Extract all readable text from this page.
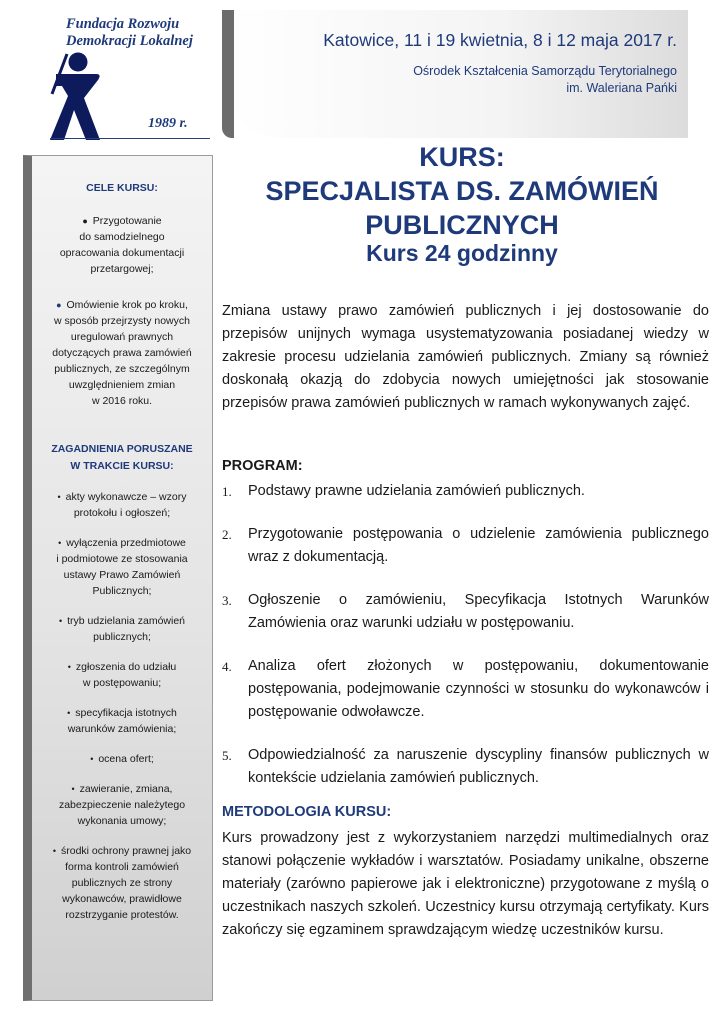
Fundacja Rozwoju
Demokracji Lokalnej
1989 r.
Katowice, 11 i 19 kwietnia, 8 i 12 maja 2017 r.
Ośrodek Kształcenia Samorządu Terytorialnego
im. Waleriana Pańki
CELE KURSU:
● Przygotowanie
do samodzielnego
opracowania dokumentacji
przetargowej;
● Omówienie krok po kroku,
w sposób przejrzysty nowych
uregulowań prawnych
dotyczących prawa zamówień
publicznych, ze szczególnym
uwzględnieniem zmian
w 2016 roku.
ZAGADNIENIA PORUSZANE
W TRAKCIE KURSU:
• akty wykonawcze – wzory
protokołu i ogłoszeń;
• wyłączenia przedmiotowe
i podmiotowe ze stosowania
ustawy Prawo Zamówień
Publicznych;
• tryb udzielania zamówień
publicznych;
• zgłoszenia do udziału
w postępowaniu;
• specyfikacja istotnych
warunków zamówienia;
• ocena ofert;
• zawieranie, zmiana,
zabezpieczenie należytego
wykonania umowy;
• środki ochrony prawnej jako
forma kontroli zamówień
publicznych ze strony
wykonawców, prawidłowe
rozstrzyganie protestów.
KURS:
SPECJALISTA DS. ZAMÓWIEŃ
PUBLICZNYCH
Kurs 24 godzinny

Zmiana ustawy prawo zamówień publicznych i jej dostosowanie do przepisów unijnych wymaga usystematyzowania posiadanej wiedzy w zakresie procesu udzielania zamówień publicznych. Zmiany są również doskonałą okazją do zdobycia nowych umiejętności jak stosowanie przepisów prawa zamówień publicznych w ramach wykonywanych zajęć.

PROGRAM:
1. Podstawy prawne udzielania zamówień publicznych.
2. Przygotowanie postępowania o udzielenie zamówienia publicznego wraz z dokumentacją.
3. Ogłoszenie o zamówieniu, Specyfikacja Istotnych Warunków Zamówienia oraz warunki udziału w postępowaniu.
4. Analiza ofert złożonych w postępowaniu, dokumentowanie postępowania, podejmowanie czynności w stosunku do wykonawców i postępowanie odwoławcze.
5. Odpowiedzialność za naruszenie dyscypliny finansów publicznych w kontekście udzielania zamówień publicznych.
METODOLOGIA KURSU:

Kurs prowadzony jest z wykorzystaniem narzędzi multimedialnych oraz stanowi połączenie wykładów i warsztatów. Posiadamy unikalne, obszerne materiały (zarówno papierowe jak i elektroniczne) przygotowane z myślą o uczestnikach naszych szkoleń. Uczestnicy kursu otrzymają certyfikaty. Kurs zakończy się egzaminem sprawdzającym wiedzę uczestników kursu.
